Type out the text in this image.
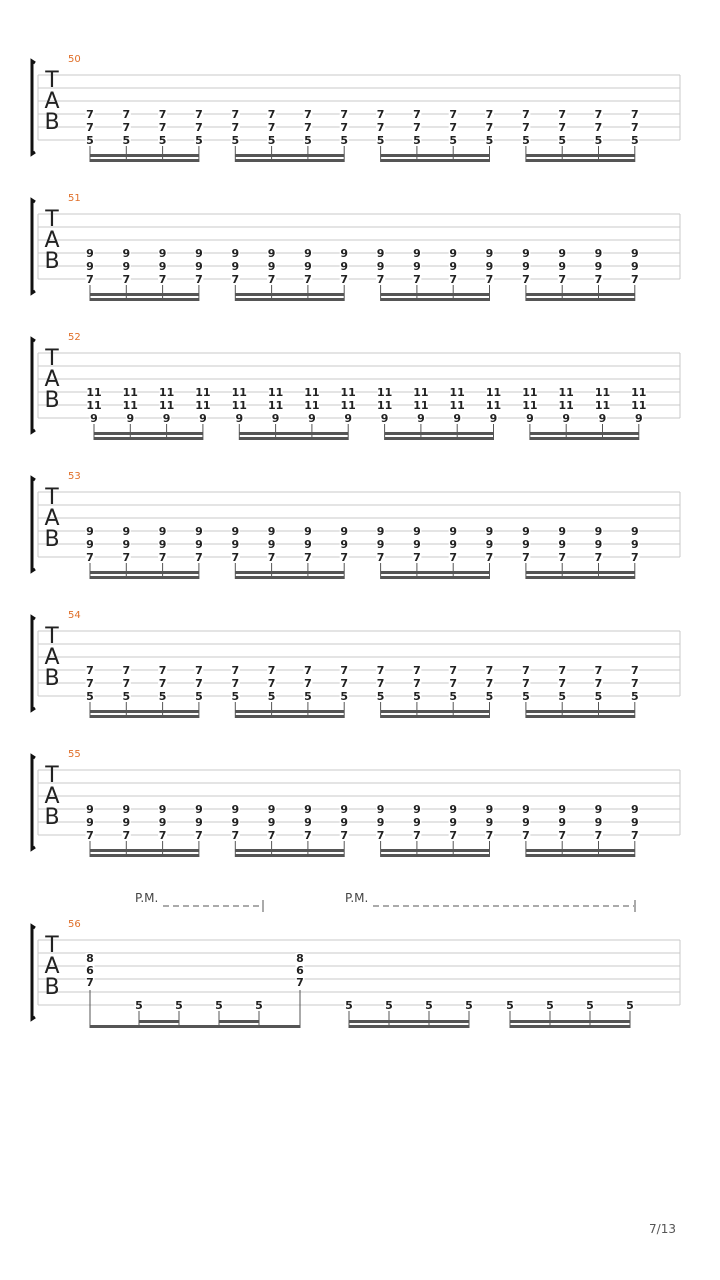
50
T
A
B 7
7
5
7
7
5
7
7
5
7
7
5
7
7
5
7
7
5
7
7
5
7
7
5
7
7
5
7
7
5
7
7
5
7
7
5
7
7
5
7
7
5
7
7
5
7
7
5
51
T
A
B 9
9
7
9
9
7
9
9
7
9
9
7
9
9
7
9
9
7
9
9
7
9
9
7
9
9
7
9
9
7
9
9
7
9
9
7
9
9
7
9
9
7
9
9
7
9
9
7
52
T
A
B 11
11
9
11
11
9
11
11
9
11
11
9
11
11
9
11
11
9
11
11
9
11
11
9
11
11
9
11
11
9
11
11
9
11
11
9
11
11
9
11
11
9
11
11
9
11
11
9
53
T
A
B 9
9
7
9
9
7
9
9
7
9
9
7
9
9
7
9
9
7
9
9
7
9
9
7
9
9
7
9
9
7
9
9
7
9
9
7
9
9
7
9
9
7
9
9
7
9
9
7
54
T
A
B 7
7
5
7
7
5
7
7
5
7
7
5
7
7
5
7
7
5
7
7
5
7
7
5
7
7
5
7
7
5
7
7
5
7
7
5
7
7
5
7
7
5
7
7
5
7
7
5
55
T
A
B 9
9
7
9
9
7
9
9
7
9
9
7
9
9
7
9
9
7
9
9
7
9
9
7
9
9
7
9
9
7
9
9
7
9
9
7
9
9
7
9
9
7
9
9
7
9
9
7
P.M.	P.M.
56
T
A
B
8
6
7
8
6
7
5	5	5	5	5	5	5	5	5	5	5	5
7/13
